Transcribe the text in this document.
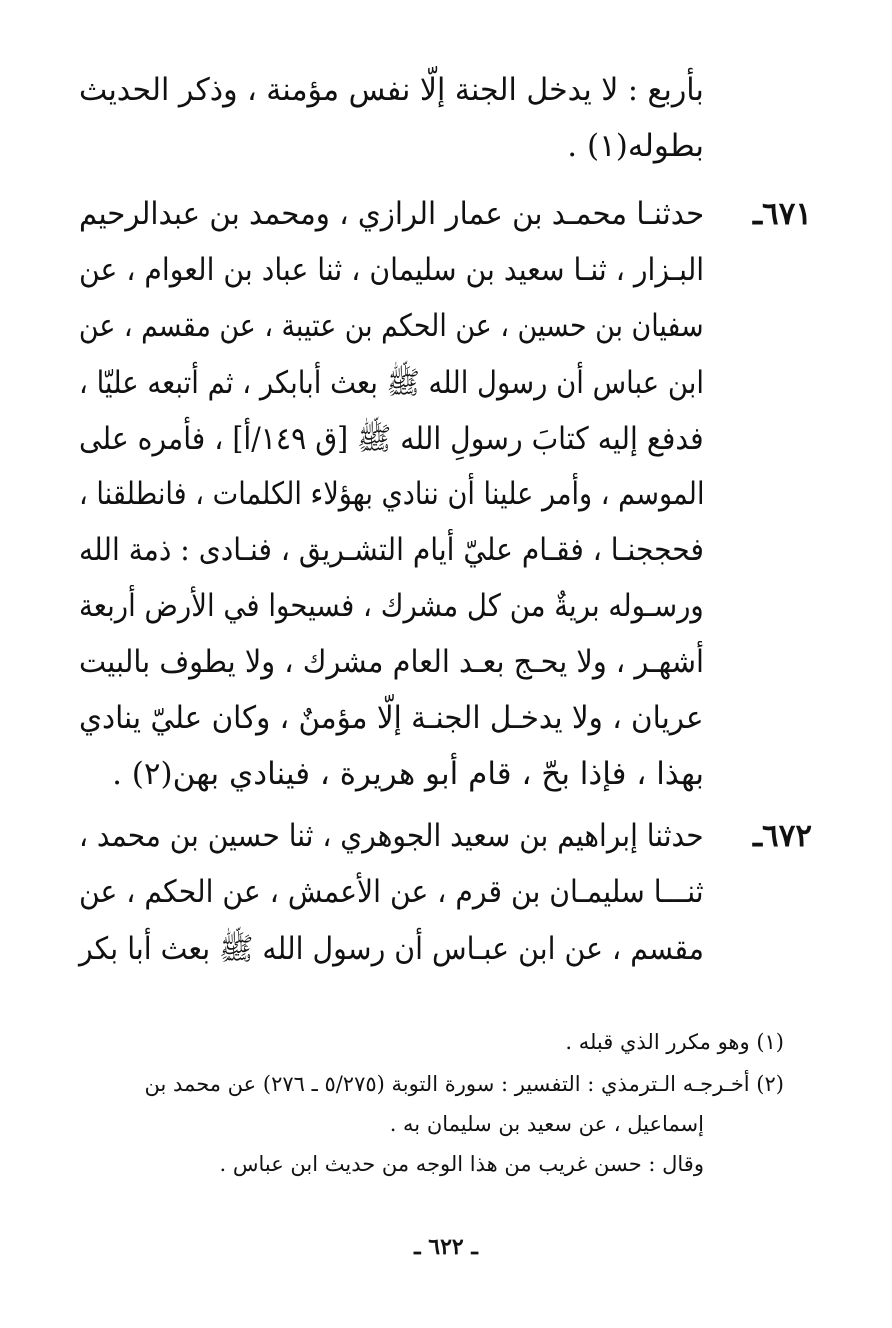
بأربع : لا يدخل الجنة إلّا نفس مؤمنة ، وذكر الحديث
بطوله(١) .
٦٧١ـ
حدثنـا محمـد بن عمار الرازي ، ومحمد بن عبدالرحيم
البـزار ، ثنـا سعيد بن سليمان ، ثنا عباد بن العوام ، عن
سفيان بن حسين ، عن الحكم بن عتيبة ، عن مقسم ، عن
ابن عباس أن رسول الله ﷺ بعث أبابكر ، ثم أتبعه عليّا ،
فدفع إليه كتابَ رسولِ الله ﷺ [ق ١٤٩/أ] ، فأمره على
الموسم ، وأمر علينا أن ننادي بهؤلاء الكلمات ، فانطلقنا ،
فحججنـا ، فقـام عليّ أيام التشـريق ، فنـادى : ذمة الله
ورسـوله بريةٌ من كل مشرك ، فسيحوا في الأرض أربعة
أشهـر ، ولا يحـج بعـد العام مشرك ، ولا يطوف بالبيت
عريان ، ولا يدخـل الجنـة إلّا مؤمنٌ ، وكان عليّ ينادي
بهذا ، فإذا بحّ ، قام أبو هريرة ، فينادي بهن(٢) .
٦٧٢ـ
حدثنا إبراهيم بن سعيد الجوهري ، ثنا حسين بن محمد ،
ثنـــا سليمـان بن قرم ، عن الأعمش ، عن الحكم ، عن
مقسم ، عن ابن عبـاس أن رسول الله ﷺ بعث أبا بكر
(١) وهو مكرر الذي قبله .
(٢) أخـرجـه الـترمذي : التفسير : سورة التوبة (٥/٢٧٥ ـ ٢٧٦) عن محمد بن
إسماعيل ، عن سعيد بن سليمان به .
وقال : حسن غريب من هذا الوجه من حديث ابن عباس .
ـ ٦٢٢ ـ
